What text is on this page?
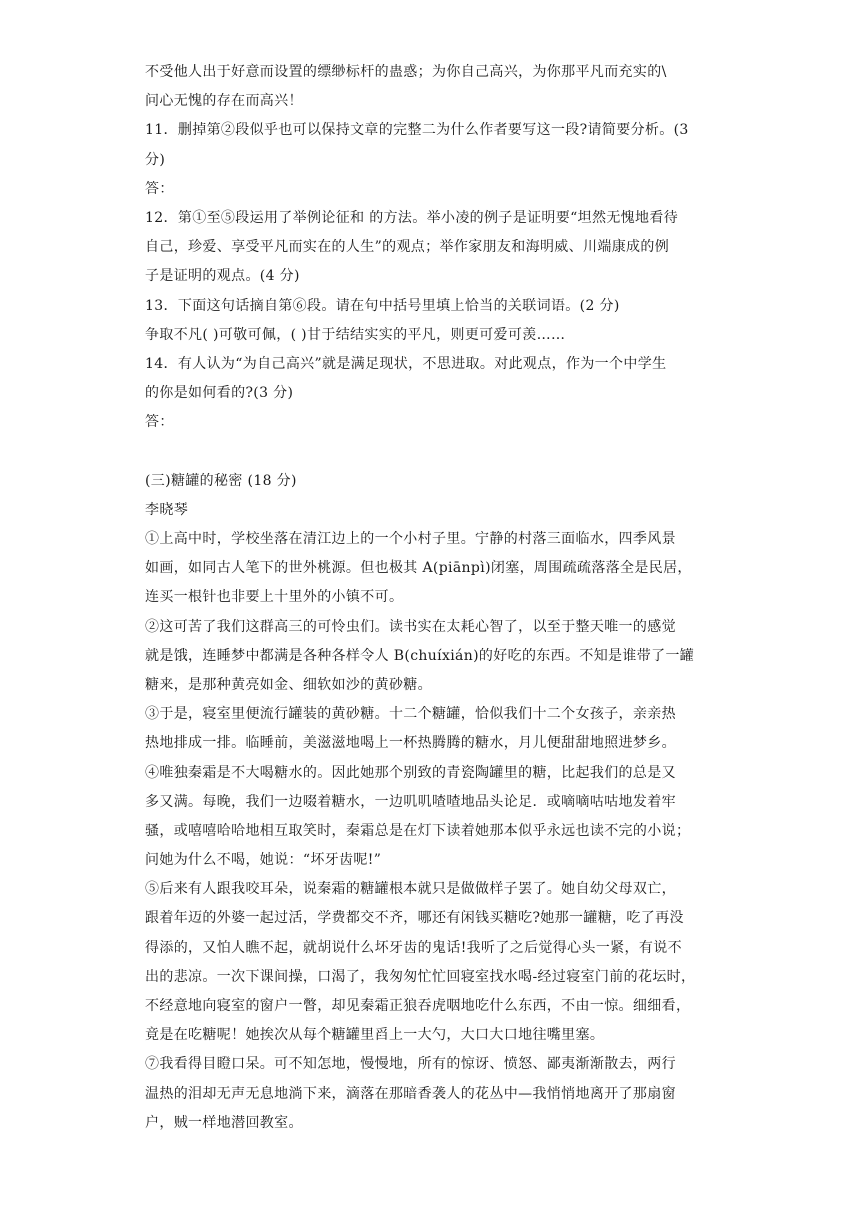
不受他人出于好意而设置的缥缈标杆的蛊惑；为你自己高兴，为你那平凡而充实的\
问心无愧的存在而高兴！
11．删掉第②段似乎也可以保持文章的完整二为什么作者要写这一段?请简要分析。(3
分)
答：
12．第①至⑤段运用了举例论征和 的方法。举小凌的例子是证明要“坦然无愧地看待
自己，珍爱、享受平凡而实在的人生”的观点；举作家朋友和海明威、川端康成的例
子是证明的观点。(4 分)
13．下面这句话摘自第⑥段。请在句中括号里填上恰当的关联词语。(2 分)
争取不凡( )可敬可佩，( )甘于结结实实的平凡，则更可爱可羡……
14．有人认为“为自己高兴”就是满足现状，不思进取。对此观点，作为一个中学生
的你是如何看的?(3 分)
答：
(三)糖罐的秘密 (18 分)
李晓琴
①上高中时，学校坐落在清江边上的一个小村子里。宁静的村落三面临水，四季风景
如画，如同古人笔下的世外桃源。但也极其 A(piānpì)闭塞，周围疏疏落落全是民居，
连买一根针也非要上十里外的小镇不可。
②这可苦了我们这群高三的可怜虫们。读书实在太耗心智了，以至于整天唯一的感觉
就是饿，连睡梦中都满是各种各样令人 B(chuíxián)的好吃的东西。不知是谁带了一罐
糖来，是那种黄亮如金、细软如沙的黄砂糖。
③于是，寝室里便流行罐装的黄砂糖。十二个糖罐，恰似我们十二个女孩子，亲亲热
热地排成一排。临睡前，美滋滋地喝上一杯热腾腾的糖水，月儿便甜甜地照进梦乡。
④唯独秦霜是不大喝糖水的。因此她那个别致的青瓷陶罐里的糖，比起我们的总是又
多又满。每晚，我们一边啜着糖水，一边叽叽喳喳地品头论足．或嘀嘀咕咕地发着牢
骚，或嘻嘻哈哈地相互取笑时，秦霜总是在灯下读着她那本似乎永远也读不完的小说；
问她为什么不喝，她说：“坏牙齿呢!”
⑤后来有人跟我咬耳朵，说秦霜的糖罐根本就只是做做样子罢了。她自幼父母双亡，
跟着年迈的外婆一起过活，学费都交不齐，哪还有闲钱买糖吃?她那一罐糖，吃了再没
得添的，又怕人瞧不起，就胡说什么坏牙齿的鬼话!我听了之后觉得心头一紧，有说不
出的悲凉。一次下课间操，口渴了，我匆匆忙忙回寝室找水喝-经过寝室门前的花坛时，
不经意地向寝室的窗户一瞥，却见秦霜正狼吞虎咽地吃什么东西，不由一惊。细细看，
竟是在吃糖呢！她挨次从每个糖罐里舀上一大勺，大口大口地往嘴里塞。
⑦我看得目瞪口呆。可不知怎地，慢慢地，所有的惊讶、愤怒、鄙夷渐渐散去，两行
温热的泪却无声无息地淌下来，滴落在那暗香袭人的花丛中—我悄悄地离开了那扇窗
户，贼一样地潜回教室。
